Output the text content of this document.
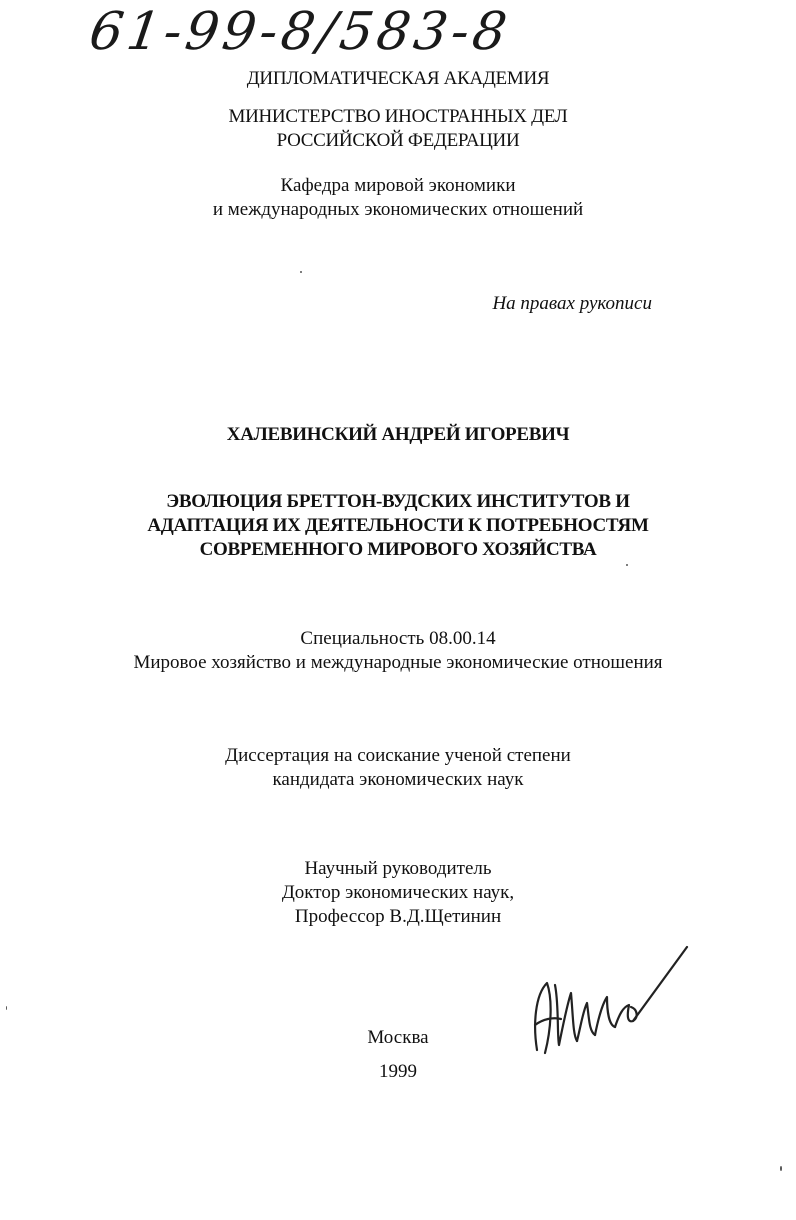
61-99-8/583-8
ДИПЛОМАТИЧЕСКАЯ АКАДЕМИЯ
МИНИСТЕРСТВО ИНОСТРАННЫХ ДЕЛ
РОССИЙСКОЙ ФЕДЕРАЦИИ
Кафедра мировой экономики
и международных экономических отношений
На правах рукописи
ХАЛЕВИНСКИЙ АНДРЕЙ ИГОРЕВИЧ
ЭВОЛЮЦИЯ БРЕТТОН-ВУДСКИХ ИНСТИТУТОВ И
АДАПТАЦИЯ ИХ ДЕЯТЕЛЬНОСТИ К ПОТРЕБНОСТЯМ
СОВРЕМЕННОГО МИРОВОГО ХОЗЯЙСТВА
Специальность 08.00.14
Мировое хозяйство и международные экономические отношения
Диссертация на соискание ученой степени
кандидата экономических наук
Научный руководитель
Доктор экономических наук,
Профессор В.Д.Щетинин
Москва
1999
